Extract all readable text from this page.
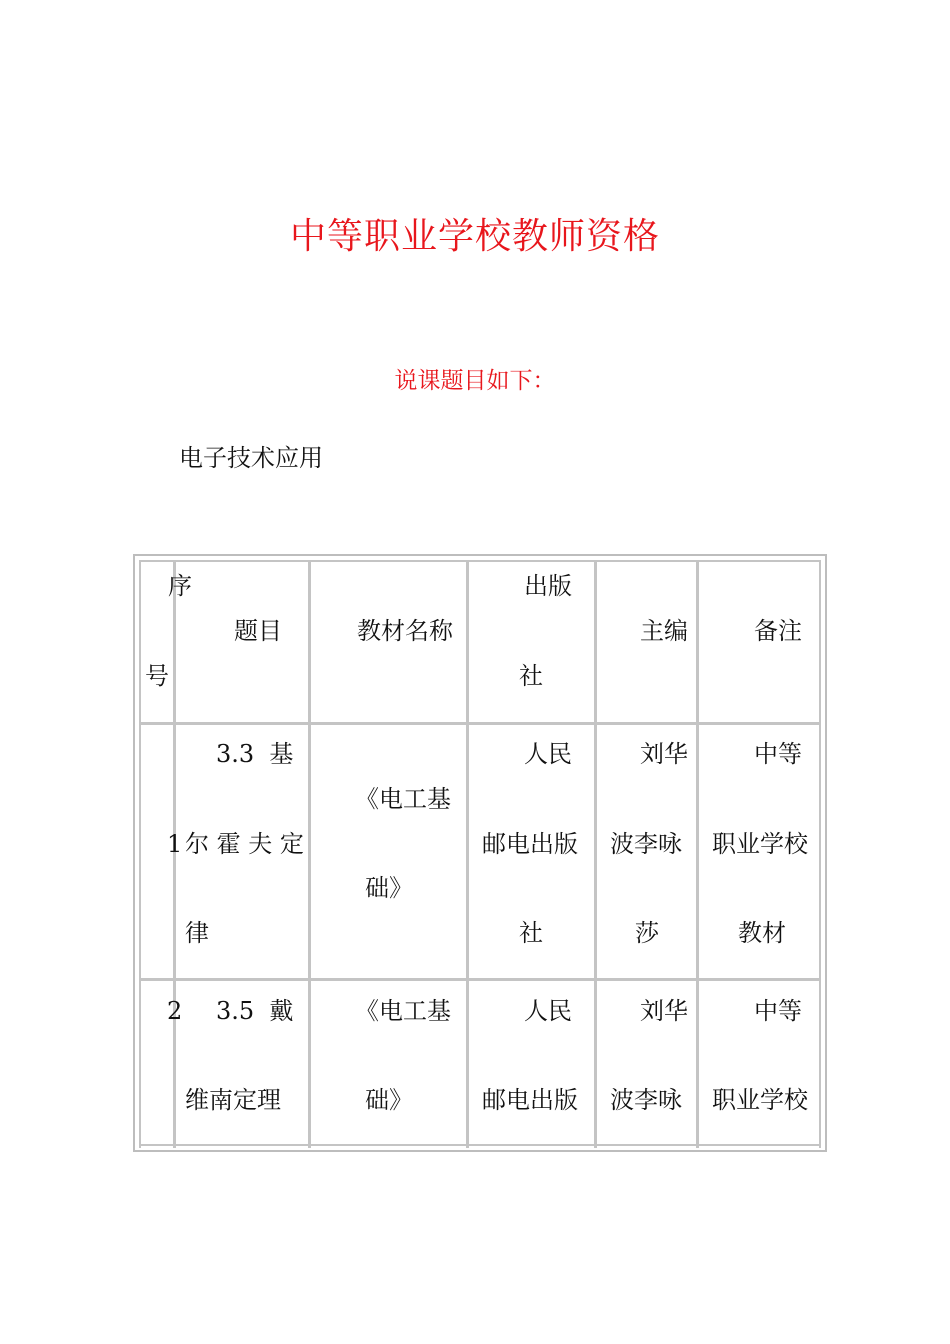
中等职业学校教师资格
说课题目如下：
电子技术应用
序
号
题目	教材名称
出版
社
主编	备注
1
3.3  基
尔 霍 夫 定
律
《电工基
础》
人民
邮电出版
社
刘华
波李咏
莎
中等
职业学校
教材
2 3.5  戴
维南定理
《电工基
础》
人民
邮电出版
刘华
波李咏
中等
职业学校
